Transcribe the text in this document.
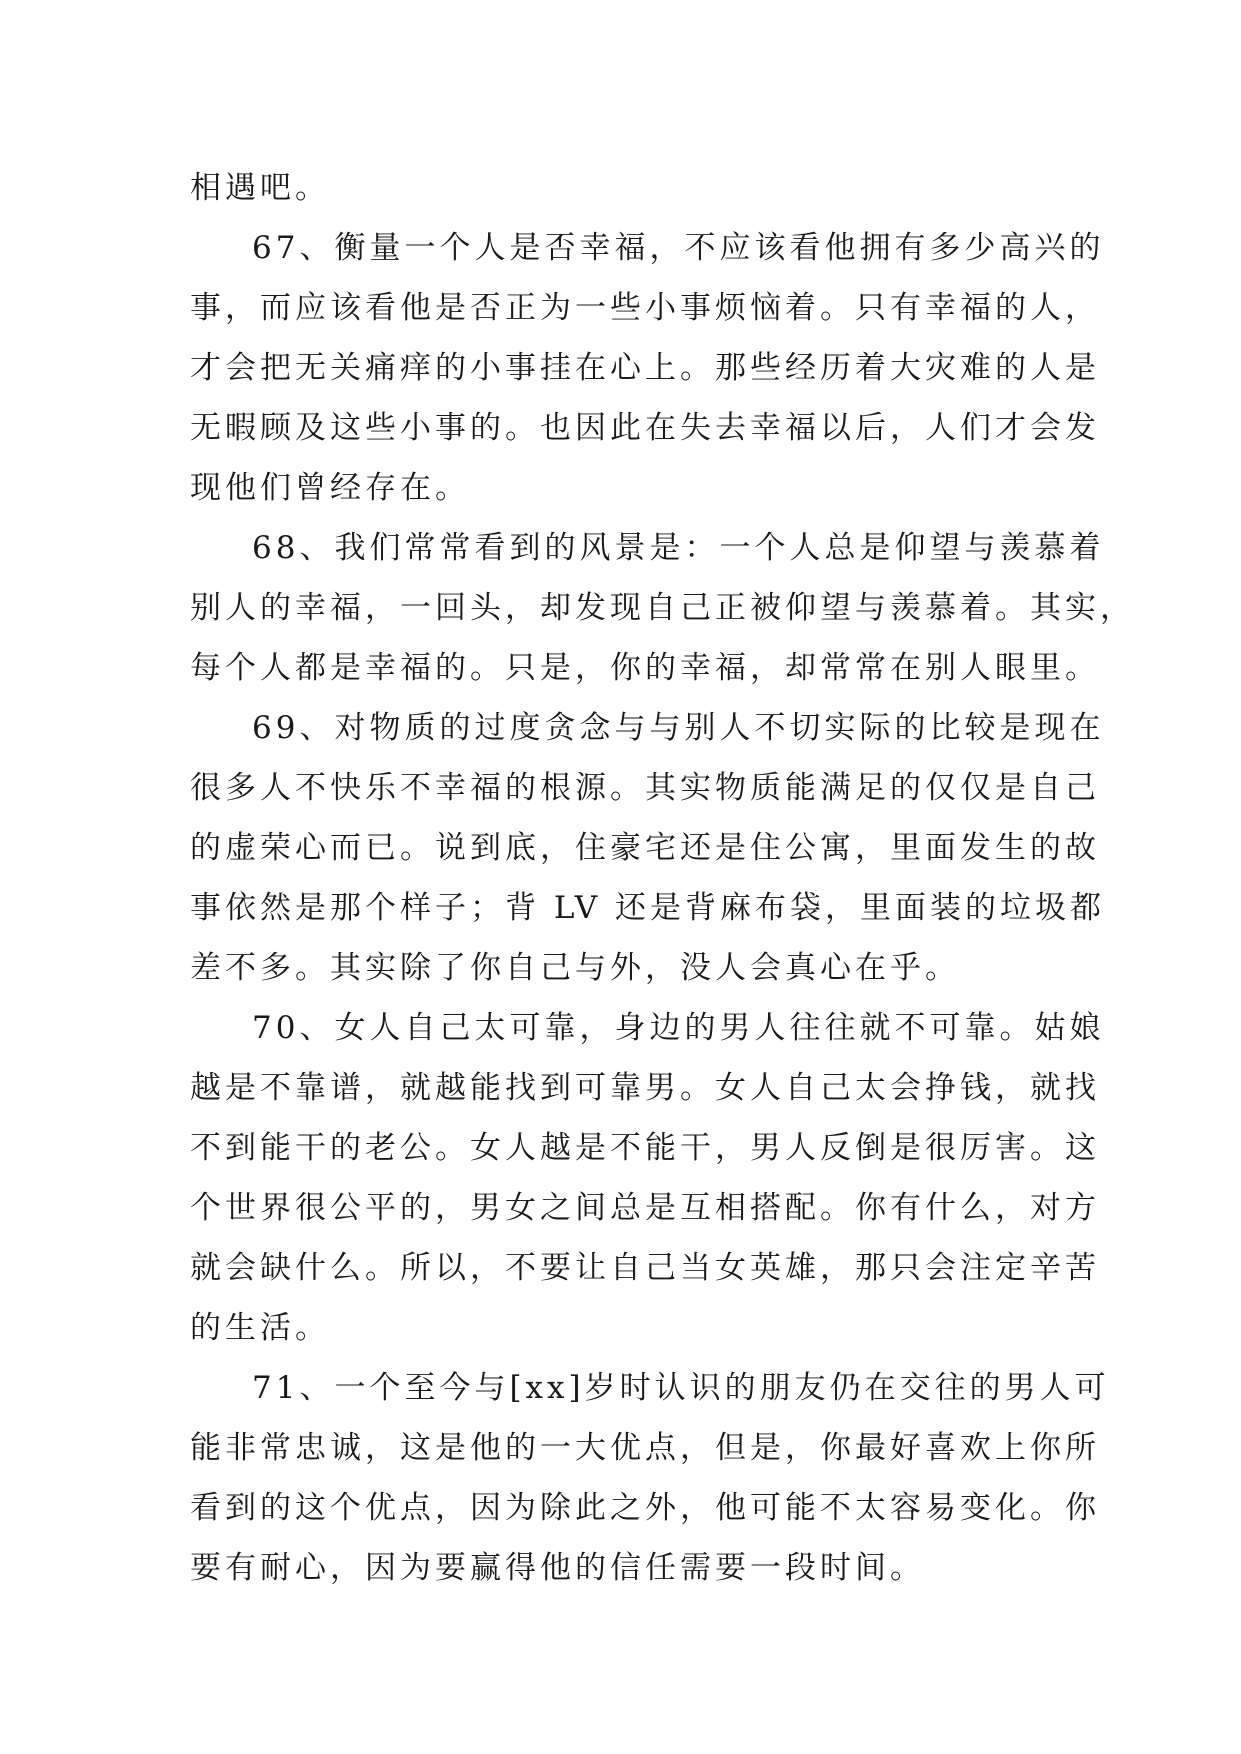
相遇吧。
67、衡量一个人是否幸福，不应该看他拥有多少高兴的
事，而应该看他是否正为一些小事烦恼着。只有幸福的人，
才会把无关痛痒的小事挂在心上。那些经历着大灾难的人是
无暇顾及这些小事的。也因此在失去幸福以后，人们才会发
现他们曾经存在。
68、我们常常看到的风景是：一个人总是仰望与羡慕着
别人的幸福，一回头，却发现自己正被仰望与羡慕着。其实，
每个人都是幸福的。只是，你的幸福，却常常在别人眼里。
69、对物质的过度贪念与与别人不切实际的比较是现在
很多人不快乐不幸福的根源。其实物质能满足的仅仅是自己
的虚荣心而已。说到底，住豪宅还是住公寓，里面发生的故
事依然是那个样子；背 LV 还是背麻布袋，里面装的垃圾都
差不多。其实除了你自己与外，没人会真心在乎。
70、女人自己太可靠，身边的男人往往就不可靠。姑娘
越是不靠谱，就越能找到可靠男。女人自己太会挣钱，就找
不到能干的老公。女人越是不能干，男人反倒是很厉害。这
个世界很公平的，男女之间总是互相搭配。你有什么，对方
就会缺什么。所以，不要让自己当女英雄，那只会注定辛苦
的生活。
71、一个至今与[xx]岁时认识的朋友仍在交往的男人可
能非常忠诚，这是他的一大优点，但是，你最好喜欢上你所
看到的这个优点，因为除此之外，他可能不太容易变化。你
要有耐心，因为要赢得他的信任需要一段时间。
